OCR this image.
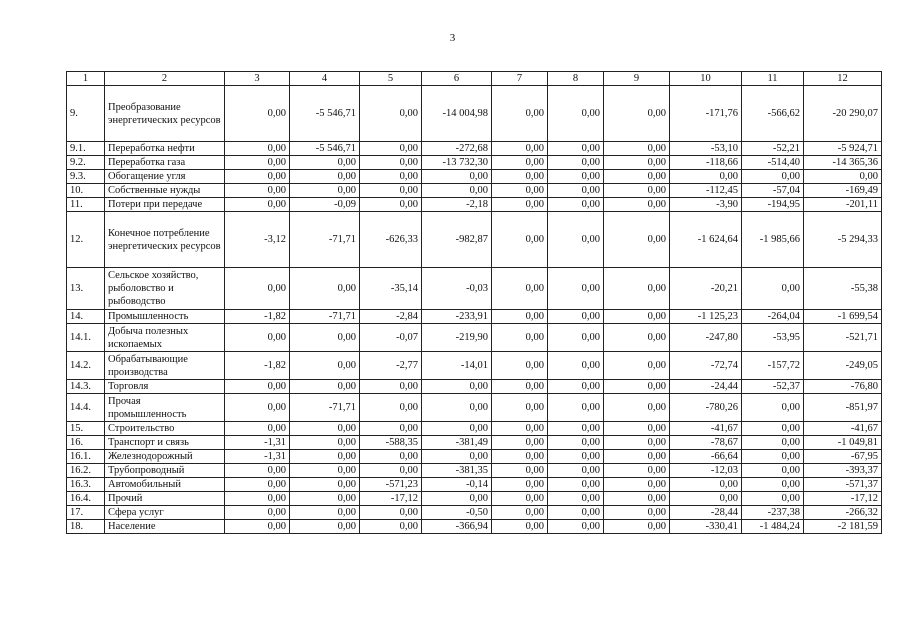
3
1	2	3	4	5	6	7	8	9	10	11	12
9.	Преобразование энергетических ресурсов	0,00	-5 546,71	0,00	-14 004,98	0,00	0,00	0,00	-171,76	-566,62	-20 290,07
9.1.	Переработка нефти	0,00	-5 546,71	0,00	-272,68	0,00	0,00	0,00	-53,10	-52,21	-5 924,71
9.2.	Переработка газа	0,00	0,00	0,00	-13 732,30	0,00	0,00	0,00	-118,66	-514,40	-14 365,36
9.3.	Обогащение угля	0,00	0,00	0,00	0,00	0,00	0,00	0,00	0,00	0,00	0,00
10.	Собственные нужды	0,00	0,00	0,00	0,00	0,00	0,00	0,00	-112,45	-57,04	-169,49
11.	Потери при передаче	0,00	-0,09	0,00	-2,18	0,00	0,00	0,00	-3,90	-194,95	-201,11
12.	Конечное потребление энергетических ресурсов	-3,12	-71,71	-626,33	-982,87	0,00	0,00	0,00	-1 624,64	-1 985,66	-5 294,33
13.	Сельское хозяйство, рыболовство и рыбоводство	0,00	0,00	-35,14	-0,03	0,00	0,00	0,00	-20,21	0,00	-55,38
14.	Промышленность	-1,82	-71,71	-2,84	-233,91	0,00	0,00	0,00	-1 125,23	-264,04	-1 699,54
14.1.	Добыча полезных ископаемых	0,00	0,00	-0,07	-219,90	0,00	0,00	0,00	-247,80	-53,95	-521,71
14.2.	Обрабатывающие производства	-1,82	0,00	-2,77	-14,01	0,00	0,00	0,00	-72,74	-157,72	-249,05
14.3.	Торговля	0,00	0,00	0,00	0,00	0,00	0,00	0,00	-24,44	-52,37	-76,80
14.4.	Прочая промышленность	0,00	-71,71	0,00	0,00	0,00	0,00	0,00	-780,26	0,00	-851,97
15.	Строительство	0,00	0,00	0,00	0,00	0,00	0,00	0,00	-41,67	0,00	-41,67
16.	Транспорт и связь	-1,31	0,00	-588,35	-381,49	0,00	0,00	0,00	-78,67	0,00	-1 049,81
16.1.	Железнодорожный	-1,31	0,00	0,00	0,00	0,00	0,00	0,00	-66,64	0,00	-67,95
16.2.	Трубопроводный	0,00	0,00	0,00	-381,35	0,00	0,00	0,00	-12,03	0,00	-393,37
16.3.	Автомобильный	0,00	0,00	-571,23	-0,14	0,00	0,00	0,00	0,00	0,00	-571,37
16.4.	Прочий	0,00	0,00	-17,12	0,00	0,00	0,00	0,00	0,00	0,00	-17,12
17.	Сфера услуг	0,00	0,00	0,00	-0,50	0,00	0,00	0,00	-28,44	-237,38	-266,32
18.	Население	0,00	0,00	0,00	-366,94	0,00	0,00	0,00	-330,41	-1 484,24	-2 181,59
